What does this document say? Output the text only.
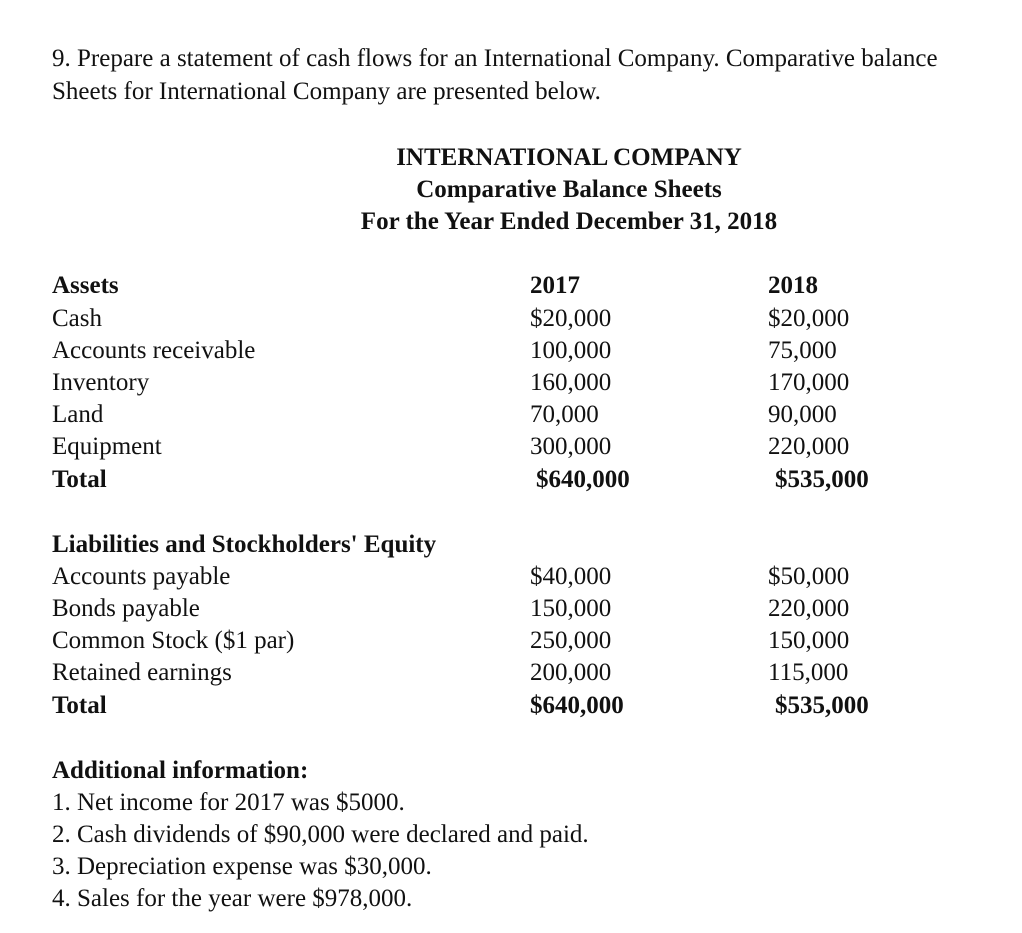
9. Prepare a statement of cash flows for an International Company. Comparative balance
Sheets for International Company are presented below.
INTERNATIONAL COMPANY
Comparative Balance Sheets
For the Year Ended December 31, 2018
Assets	2017	2018
Cash	$20,000	$20,000
Accounts receivable	100,000	75,000
Inventory	160,000	170,000
Land	70,000	90,000
Equipment	300,000	220,000
Total	$640,000	$535,000
Liabilities and Stockholders' Equity
Accounts payable	$40,000	$50,000
Bonds payable	150,000	220,000
Common Stock ($1 par)	250,000	150,000
Retained earnings	200,000	115,000
Total	$640,000	$535,000
Additional information:
1. Net income for 2017 was $5000.
2. Cash dividends of $90,000 were declared and paid.
3. Depreciation expense was $30,000.
4. Sales for the year were $978,000.
